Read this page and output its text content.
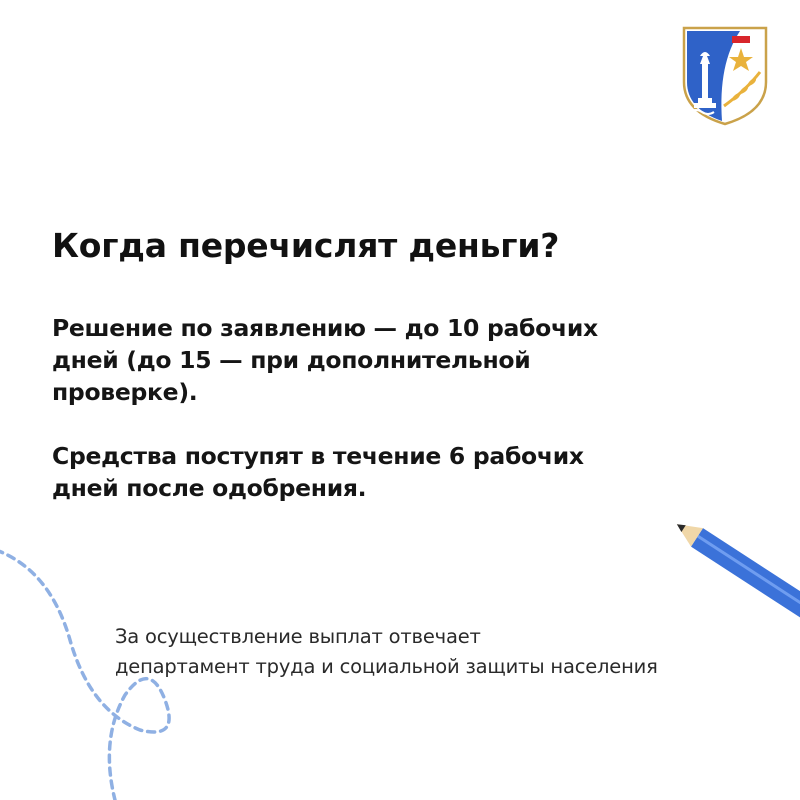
Когда перечислят деньги?

Решение по заявлению — до 10 рабочих
дней (до 15 — при дополнительной
проверке).

Средства поступят в течение 6 рабочих
дней после одобрения.

За осуществление выплат отвечает
департамент труда и социальной защиты населения
